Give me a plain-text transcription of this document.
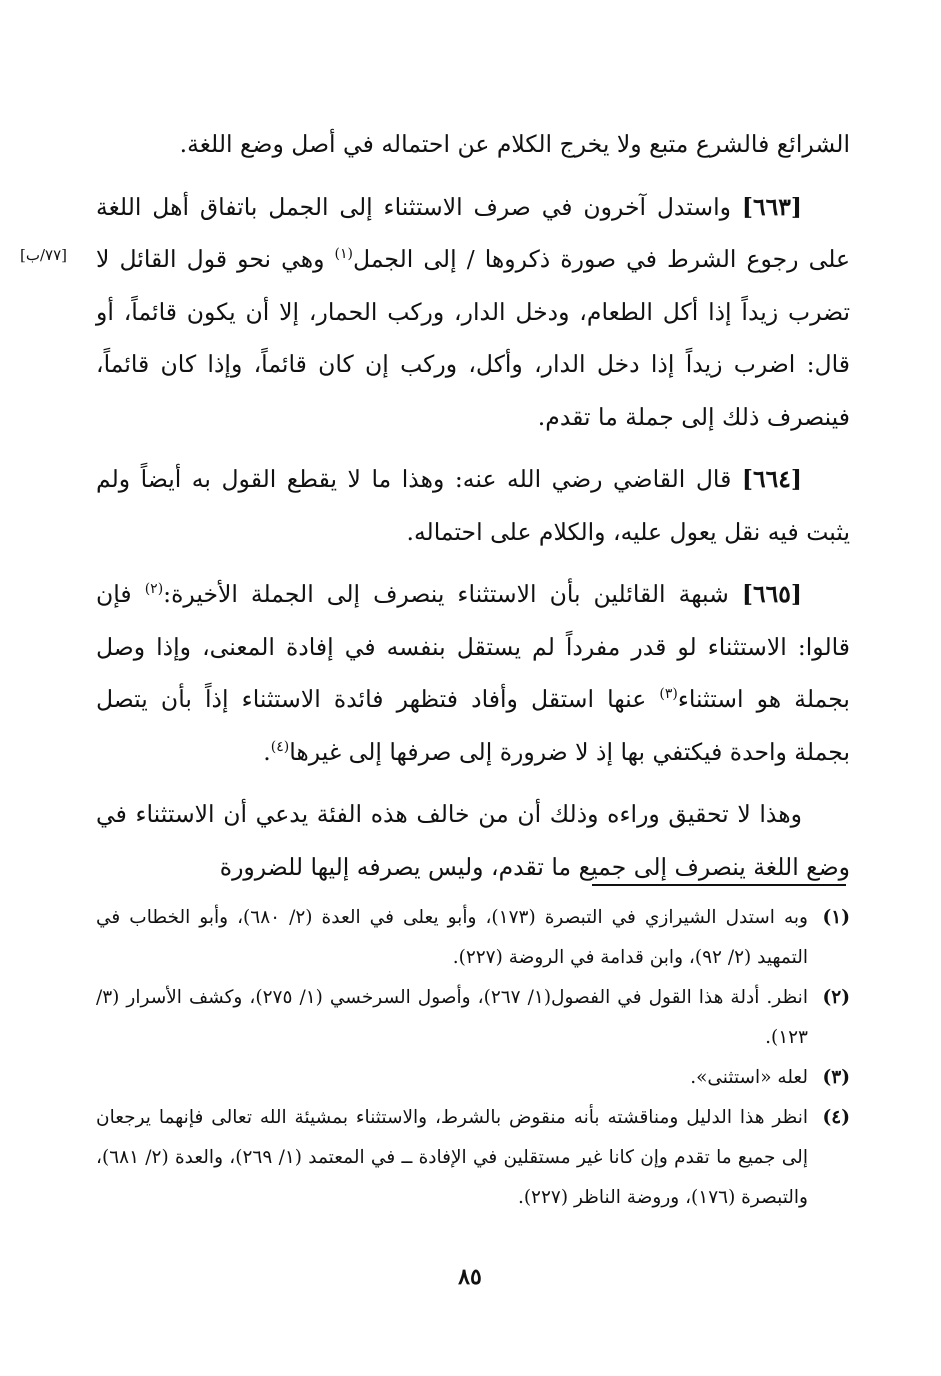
الشرائع فالشرع متبع ولا يخرج الكلام عن احتماله في أصل وضع اللغة.

[٦٦٣] واستدل آخرون في صرف الاستثناء إلى الجمل باتفاق أهل اللغة على رجوع الشرط في صورة ذكروها / إلى الجمل$^{(١)}$ وهي نحو قول القائل لا تضرب زيداً إذا أكل الطعام، ودخل الدار، وركب الحمار، إلا أن يكون قائماً، أو قال: اضرب زيداً إذا دخل الدار، وأكل، وركب إن كان قائماً، وإذا كان قائماً، فينصرف ذلك إلى جملة ما تقدم.

[٦٦٤] قال القاضي رضي الله عنه: وهذا ما لا يقطع القول به أيضاً ولم يثبت فيه نقل يعول عليه، والكلام على احتماله.

[٦٦٥] شبهة القائلين بأن الاستثناء ينصرف إلى الجملة الأخيرة:$^{(٢)}$ فإن قالوا: الاستثناء لو قدر مفرداً لم يستقل بنفسه في إفادة المعنى، وإذا وصل بجملة هو استثناء$^{(٣)}$ عنها استقل وأفاد فتظهر فائدة الاستثناء إذاً بأن يتصل بجملة واحدة فيكتفي بها إذ لا ضرورة إلى صرفها إلى غيرها$^{(٤)}$.

وهذا لا تحقيق وراءه وذلك أن من خالف هذه الفئة يدعي أن الاستثناء في وضع اللغة ينصرف إلى جميع ما تقدم، وليس يصرفه إليها للضرورة

[٧٧/ب]
(١)
وبه استدل الشيرازي في التبصرة (١٧٣)، وأبو يعلى في العدة (٢/ ٦٨٠)، وأبو الخطاب في التمهيد (٢/ ٩٢)، وابن قدامة في الروضة (٢٢٧).
(٢)
انظر. أدلة هذا القول في الفصول(١/ ٢٦٧)، وأصول السرخسي (١/ ٢٧٥)، وكشف الأسرار (٣/ ١٢٣).
(٣)
لعله «استثنى».
(٤)
انظر هذا الدليل ومناقشته بأنه منقوض بالشرط، والاستثناء بمشيئة الله تعالى فإنهما يرجعان إلى جميع ما تقدم وإن كانا غير مستقلين في الإفادة ــ في المعتمد (١/ ٢٦٩)، والعدة (٢/ ٦٨١)، والتبصرة (١٧٦)، وروضة الناظر (٢٢٧).
٨٥
